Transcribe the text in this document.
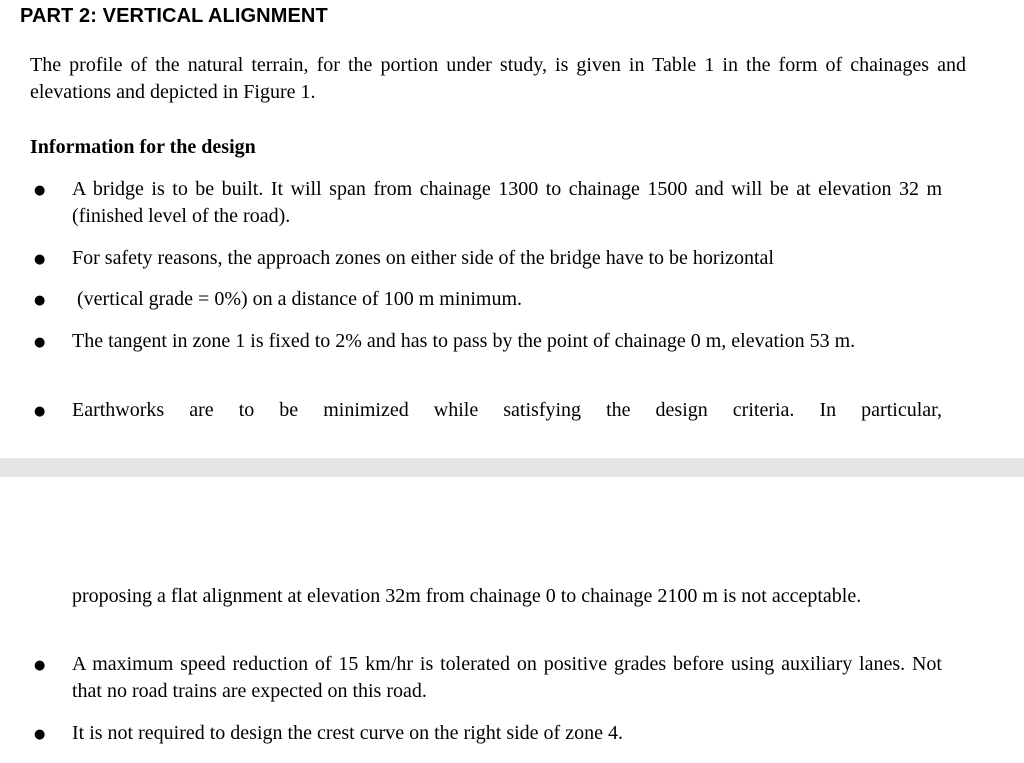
PART 2: VERTICAL ALIGNMENT
The profile of the natural terrain, for the portion under study, is given in Table 1 in the form of chainages and elevations and depicted in Figure 1.
Information for the design
● A bridge is to be built. It will span from chainage 1300 to chainage 1500 and will be at elevation 32 m (finished level of the road).
● For safety reasons, the approach zones on either side of the bridge have to be horizontal
● (vertical grade = 0%) on a distance of 100 m minimum.
● The tangent in zone 1 is fixed to 2% and has to pass by the point of chainage 0 m, elevation 53 m.
● Earthworks are to be minimized while satisfying the design criteria. In particular,
proposing a flat alignment at elevation 32m from chainage 0 to chainage 2100 m is not acceptable.
● A maximum speed reduction of 15 km/hr is tolerated on positive grades before using auxiliary lanes. Not that no road trains are expected on this road.
● It is not required to design the crest curve on the right side of zone 4.
